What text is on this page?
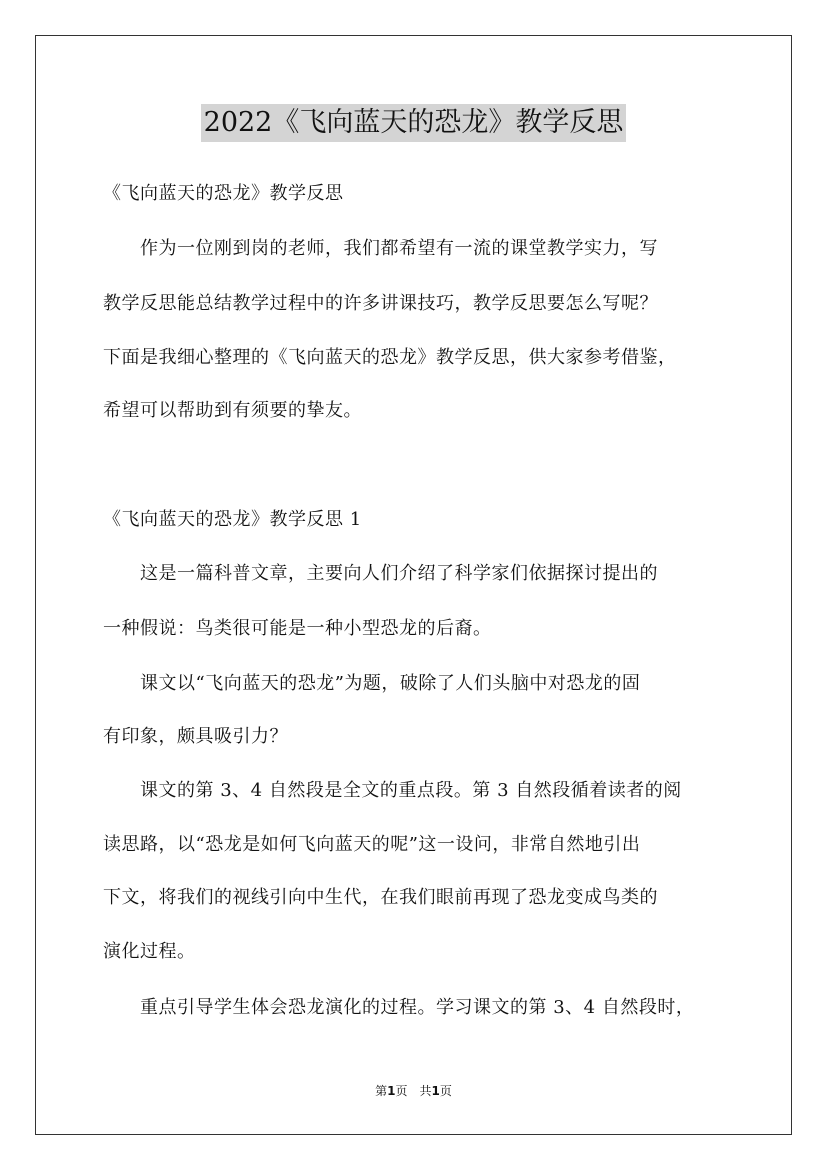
2022《飞向蓝天的恐龙》教学反思
《飞向蓝天的恐龙》教学反思
　　作为一位刚到岗的老师，我们都希望有一流的课堂教学实力，写
教学反思能总结教学过程中的许多讲课技巧，教学反思要怎么写呢？
下面是我细心整理的《飞向蓝天的恐龙》教学反思，供大家参考借鉴，
希望可以帮助到有须要的挚友。
《飞向蓝天的恐龙》教学反思 1
　　这是一篇科普文章，主要向人们介绍了科学家们依据探讨提出的
一种假说：鸟类很可能是一种小型恐龙的后裔。
　　课文以“飞向蓝天的恐龙”为题，破除了人们头脑中对恐龙的固
有印象，颇具吸引力？
　　课文的第 3、4 自然段是全文的重点段。第 3 自然段循着读者的阅
读思路，以“恐龙是如何飞向蓝天的呢”这一设问，非常自然地引出
下文，将我们的视线引向中生代，在我们眼前再现了恐龙变成鸟类的
演化过程。
　　重点引导学生体会恐龙演化的过程。学习课文的第 3、4 自然段时，
第1页　共1页
